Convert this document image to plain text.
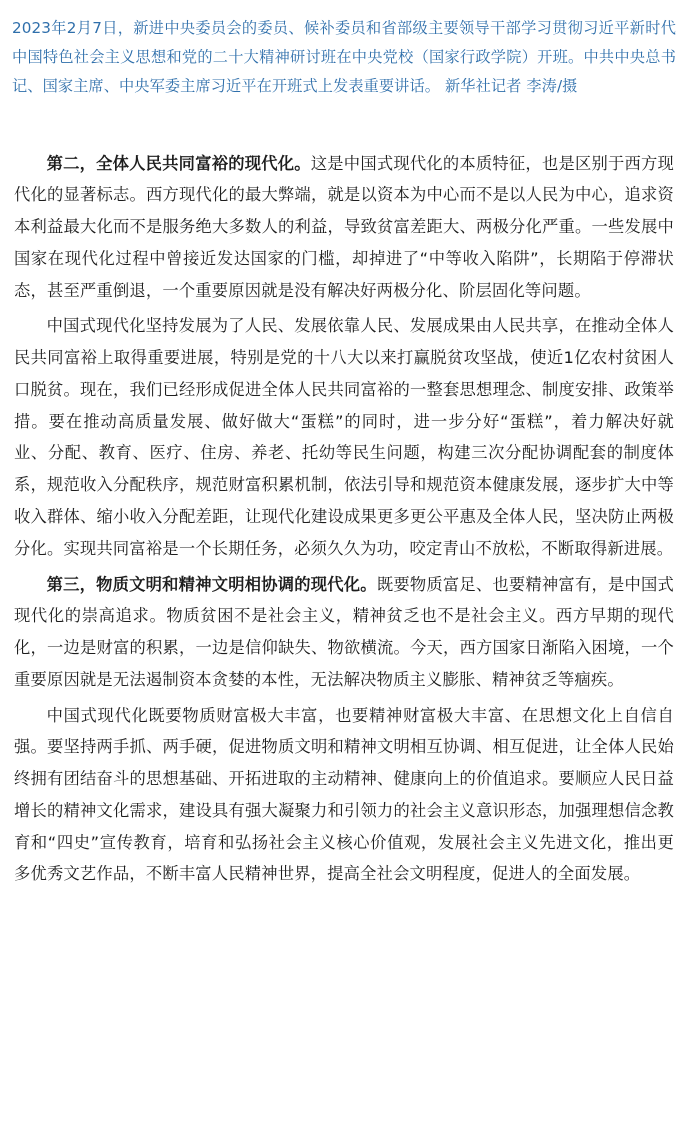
2023年2月7日，新进中央委员会的委员、候补委员和省部级主要领导干部学习贯彻习近平新时代中国特色社会主义思想和党的二十大精神研讨班在中央党校（国家行政学院）开班。中共中央总书记、国家主席、中央军委主席习近平在开班式上发表重要讲话。 新华社记者 李涛/摄

第二，全体人民共同富裕的现代化。这是中国式现代化的本质特征，也是区别于西方现代化的显著标志。西方现代化的最大弊端，就是以资本为中心而不是以人民为中心，追求资本利益最大化而不是服务绝大多数人的利益，导致贫富差距大、两极分化严重。一些发展中国家在现代化过程中曾接近发达国家的门槛，却掉进了“中等收入陷阱”，长期陷于停滞状态，甚至严重倒退，一个重要原因就是没有解决好两极分化、阶层固化等问题。

中国式现代化坚持发展为了人民、发展依靠人民、发展成果由人民共享，在推动全体人民共同富裕上取得重要进展，特别是党的十八大以来打赢脱贫攻坚战，使近1亿农村贫困人口脱贫。现在，我们已经形成促进全体人民共同富裕的一整套思想理念、制度安排、政策举措。要在推动高质量发展、做好做大“蛋糕”的同时，进一步分好“蛋糕”，着力解决好就业、分配、教育、医疗、住房、养老、托幼等民生问题，构建三次分配协调配套的制度体系，规范收入分配秩序，规范财富积累机制，依法引导和规范资本健康发展，逐步扩大中等收入群体、缩小收入分配差距，让现代化建设成果更多更公平惠及全体人民，坚决防止两极分化。实现共同富裕是一个长期任务，必须久久为功，咬定青山不放松，不断取得新进展。

第三，物质文明和精神文明相协调的现代化。既要物质富足、也要精神富有，是中国式现代化的崇高追求。物质贫困不是社会主义，精神贫乏也不是社会主义。西方早期的现代化，一边是财富的积累，一边是信仰缺失、物欲横流。今天，西方国家日渐陷入困境，一个重要原因就是无法遏制资本贪婪的本性，无法解决物质主义膨胀、精神贫乏等痼疾。

中国式现代化既要物质财富极大丰富，也要精神财富极大丰富、在思想文化上自信自强。要坚持两手抓、两手硬，促进物质文明和精神文明相互协调、相互促进，让全体人民始终拥有团结奋斗的思想基础、开拓进取的主动精神、健康向上的价值追求。要顺应人民日益增长的精神文化需求，建设具有强大凝聚力和引领力的社会主义意识形态，加强理想信念教育和“四史”宣传教育，培育和弘扬社会主义核心价值观，发展社会主义先进文化，推出更多优秀文艺作品，不断丰富人民精神世界，提高全社会文明程度，促进人的全面发展。
